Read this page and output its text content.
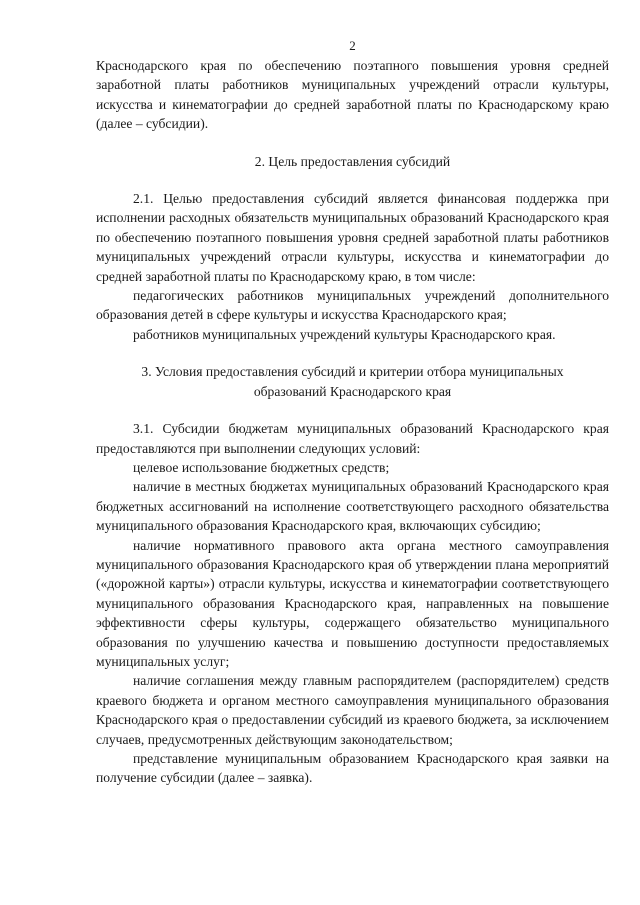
2

Краснодарского края по обеспечению поэтапного повышения уровня средней заработной платы работников муниципальных учреждений отрасли культуры, искусства и кинематографии до средней заработной платы по Краснодарскому краю (далее – субсидии).

2. Цель предоставления субсидий

2.1. Целью предоставления субсидий является финансовая поддержка при исполнении расходных обязательств муниципальных образований Краснодарского края по обеспечению поэтапного повышения уровня средней заработной платы работников муниципальных учреждений отрасли культуры, искусства и кинематографии до средней заработной платы по Краснодарскому краю, в том числе:

педагогических работников муниципальных учреждений дополнительного образования детей в сфере культуры и искусства Краснодарского края;

работников муниципальных учреждений культуры Краснодарского края.

3. Условия предоставления субсидий и критерии отбора муниципальных

образований Краснодарского края

3.1. Субсидии бюджетам муниципальных образований Краснодарского края предоставляются при выполнении следующих условий:

целевое использование бюджетных средств;

наличие в местных бюджетах муниципальных образований Краснодарского края бюджетных ассигнований на исполнение соответствующего расходного обязательства муниципального образования Краснодарского края, включающих субсидию;

наличие нормативного правового акта органа местного самоуправления муниципального образования Краснодарского края об утверждении плана мероприятий («дорожной карты») отрасли культуры, искусства и кинематографии соответствующего муниципального образования Краснодарского края, направленных на повышение эффективности сферы культуры, содержащего обязательство муниципального образования по улучшению качества и повышению доступности предоставляемых муниципальных услуг;

наличие соглашения между главным распорядителем (распорядителем) средств краевого бюджета и органом местного самоуправления муниципального образования Краснодарского края о предоставлении субсидий из краевого бюджета, за исключением случаев, предусмотренных действующим законодательством;

представление муниципальным образованием Краснодарского края заявки на получение субсидии (далее – заявка).
